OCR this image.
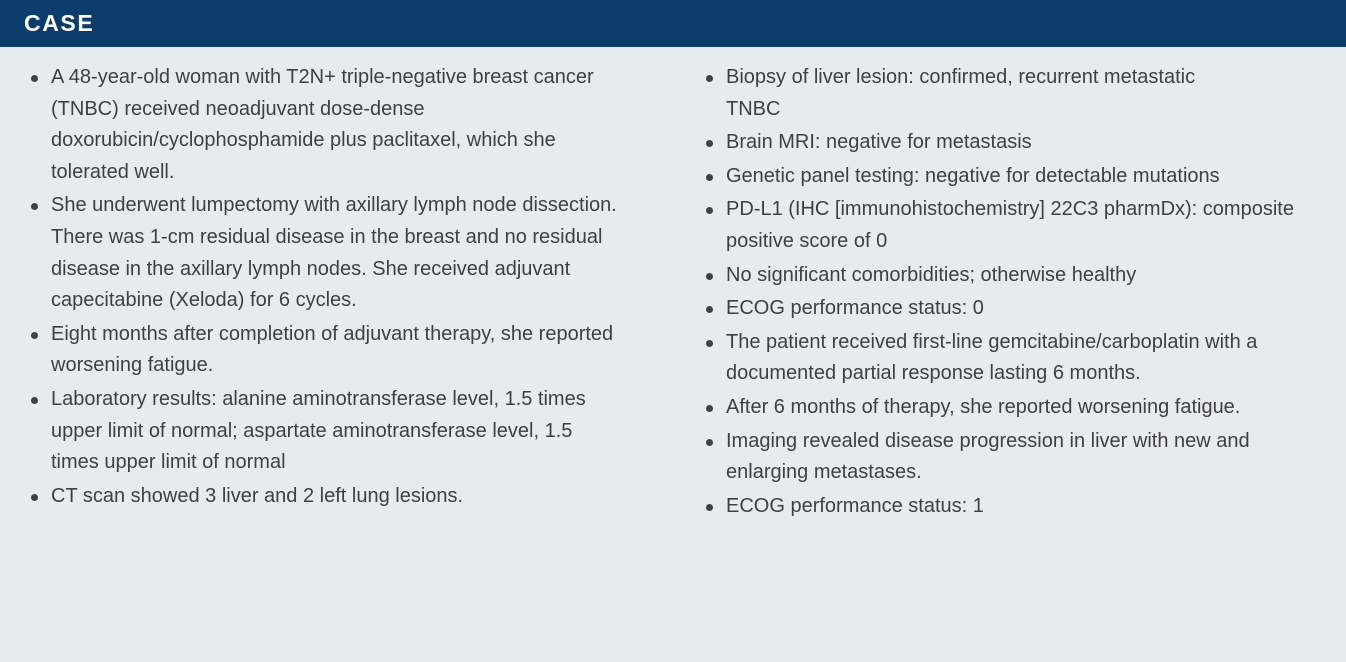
CASE
A 48-year-old woman with T2N+ triple-negative breast cancer (TNBC) received neoadjuvant dose-dense doxorubicin/cyclophosphamide plus paclitaxel, which she tolerated well.
She underwent lumpectomy with axillary lymph node dissection. There was 1-cm residual disease in the breast and no residual disease in the axillary lymph nodes. She received adjuvant capecitabine (Xeloda) for 6 cycles.
Eight months after completion of adjuvant therapy, she reported worsening fatigue.
Laboratory results: alanine aminotransferase level, 1.5 times upper limit of normal; aspartate aminotransferase level, 1.5 times upper limit of normal
CT scan showed 3 liver and 2 left lung lesions.
Biopsy of liver lesion: confirmed, recurrent metastatic TNBC
Brain MRI: negative for metastasis
Genetic panel testing: negative for detectable mutations
PD-L1 (IHC [immunohistochemistry] 22C3 pharmDx): composite positive score of 0
No significant comorbidities; otherwise healthy
ECOG performance status: 0
The patient received first-line gemcitabine/carboplatin with a documented partial response lasting 6 months.
After 6 months of therapy, she reported worsening fatigue.
Imaging revealed disease progression in liver with new and enlarging metastases.
ECOG performance status: 1
